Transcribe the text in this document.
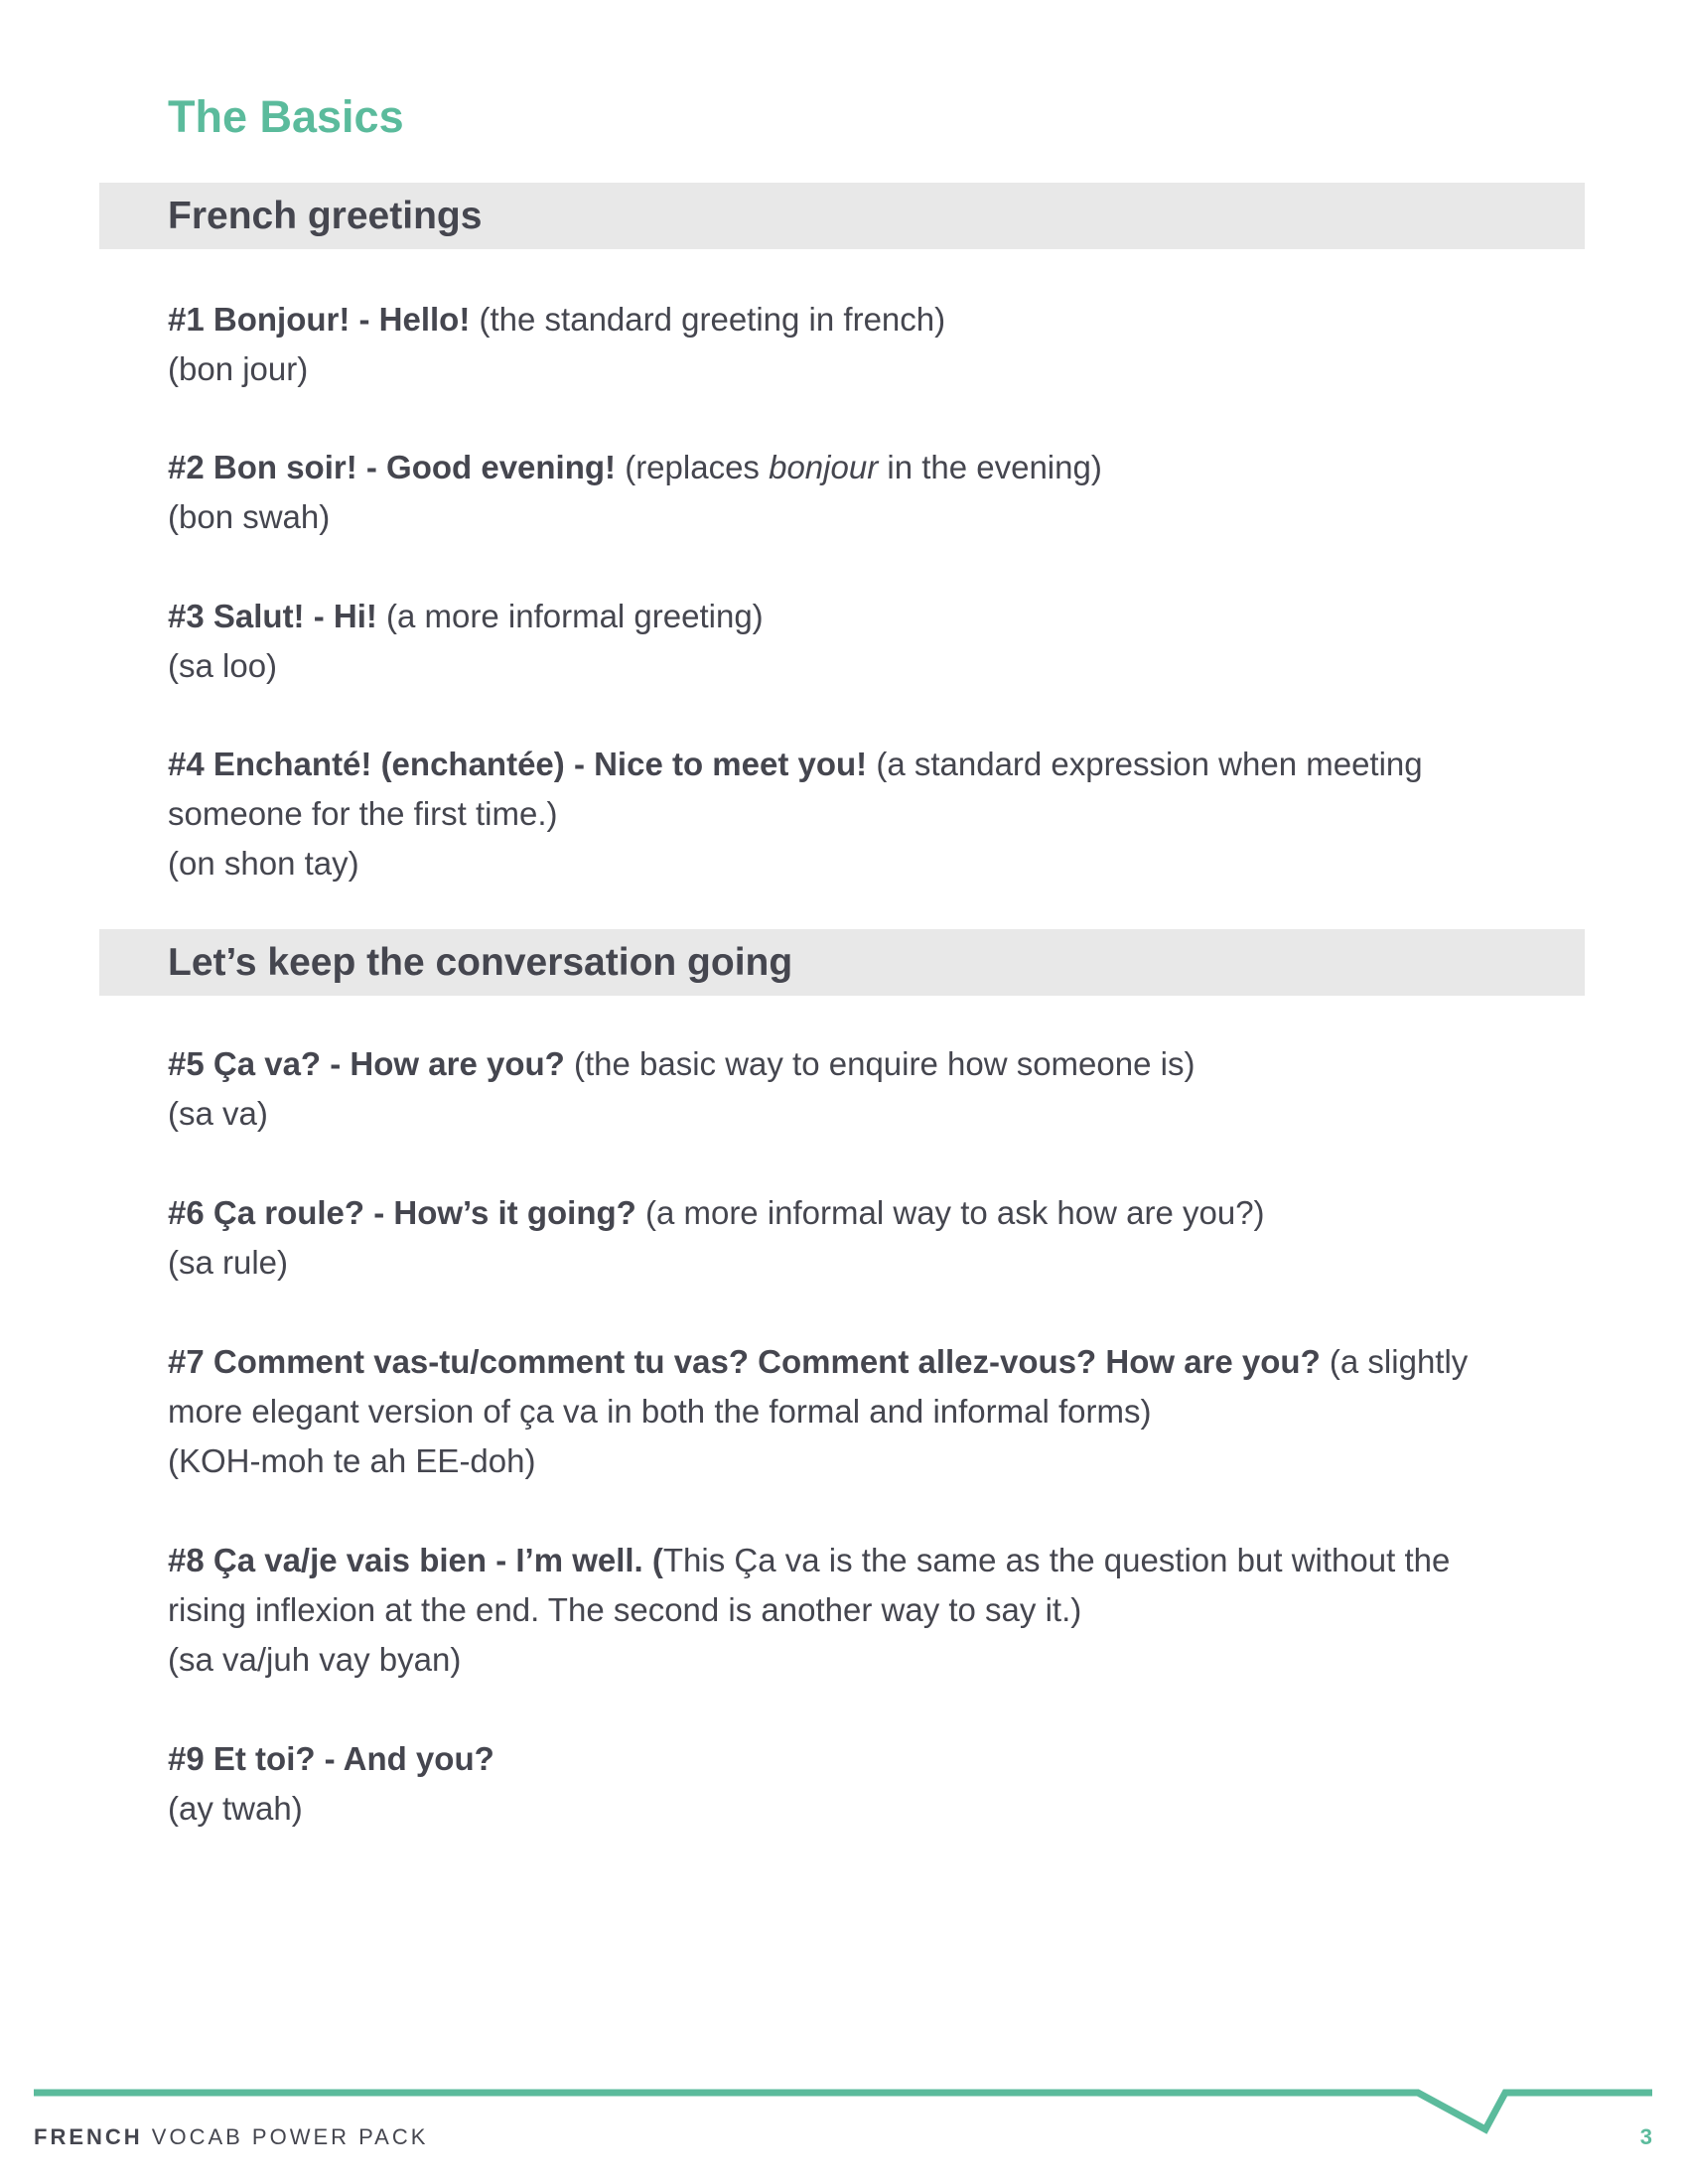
The Basics
French greetings

#1 Bonjour! - Hello! (the standard greeting in french)

(bon jour)

#2 Bon soir! - Good evening! (replaces bonjour in the evening)

(bon swah)

#3 Salut! - Hi! (a more informal greeting)

(sa loo)

#4 Enchanté! (enchantée) - Nice to meet you! (a standard expression when meeting someone for the first time.)

(on shon tay)

Let’s keep the conversation going

#5 Ça va? - How are you? (the basic way to enquire how someone is)

(sa va)

#6 Ça roule? - How’s it going? (a more informal way to ask how are you?)

(sa rule)

#7 Comment vas-tu/comment tu vas? Comment allez-vous? How are you? (a slightly more elegant version of ça va in both the formal and informal forms)

(KOH-moh te ah EE-doh)

#8 Ça va/je vais bien - I’m well. (This Ça va is the same as the question but without the rising inflexion at the end. The second is another way to say it.)

(sa va/juh vay byan)

#9 Et toi? - And you?

(ay twah)

FRENCH VOCAB POWER PACK	3
